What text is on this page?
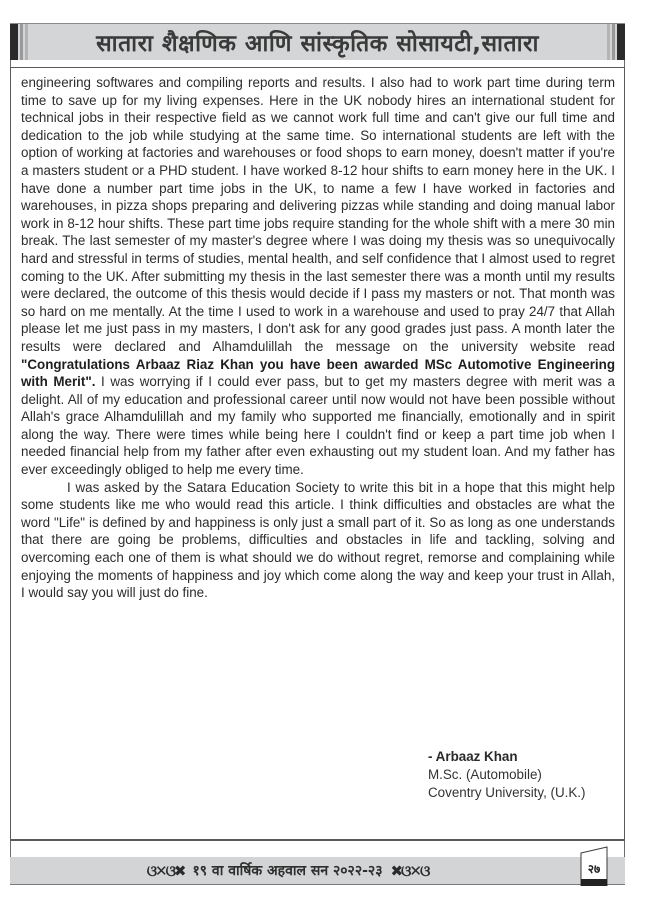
सातारा शैक्षणिक आणि सांस्कृतिक सोसायटी,सातारा

engineering softwares and compiling reports and results. I also had to work part time during term time to save up for my living expenses. Here in the UK nobody hires an international student for technical jobs in their respective field as we cannot work full time and can't give our full time and dedication to the job while studying at the same time. So international students are left with the option of working at factories and warehouses or food shops to earn money, doesn't matter if you're a masters student or a PHD student. I have worked 8-12 hour shifts to earn money here in the UK. I have done a number part time jobs in the UK, to name a few I have worked in factories and warehouses, in pizza shops preparing and delivering pizzas while standing and doing manual labor work in 8-12 hour shifts. These part time jobs require standing for the whole shift with a mere 30 min break. The last semester of my master's degree where I was doing my thesis was so unequivocally hard and stressful in terms of studies, mental health, and self confidence that I almost used to regret coming to the UK. After submitting my thesis in the last semester there was a month until my results were declared, the outcome of this thesis would decide if I pass my masters or not. That month was so hard on me mentally. At the time I used to work in a warehouse and used to pray 24/7 that Allah please let me just pass in my masters, I don't ask for any good grades just pass. A month later the results were declared and Alhamdulillah the message on the university website read "Congratulations Arbaaz Riaz Khan you have been awarded MSc Automotive Engineering with Merit". I was worrying if I could ever pass, but to get my masters degree with merit was a delight. All of my education and professional career until now would not have been possible without Allah's grace Alhamdulillah and my family who supported me financially, emotionally and in spirit along the way. There were times while being here I couldn't find or keep a part time job when I needed financial help from my father after even exhausting out my student loan. And my father has ever exceedingly obliged to help me every time.

I was asked by the Satara Education Society to write this bit in a hope that this might help some students like me who would read this article. I think difficulties and obstacles are what the word "Life" is defined by and happiness is only just a small part of it. So as long as one understands that there are going be problems, difficulties and obstacles in life and tackling, solving and overcoming each one of them is what should we do without regret, remorse and complaining while enjoying the moments of happiness and joy which come along the way and keep your trust in Allah, I would say you will just do fine.

- Arbaaz Khan
M.Sc. (Automobile)
Coventry University, (U.K.)
ଓ✕ଓ✖ १९ वा वार्षिक अहवाल सन २०२२-२३ ✖ଓ✕ଓ	२७
